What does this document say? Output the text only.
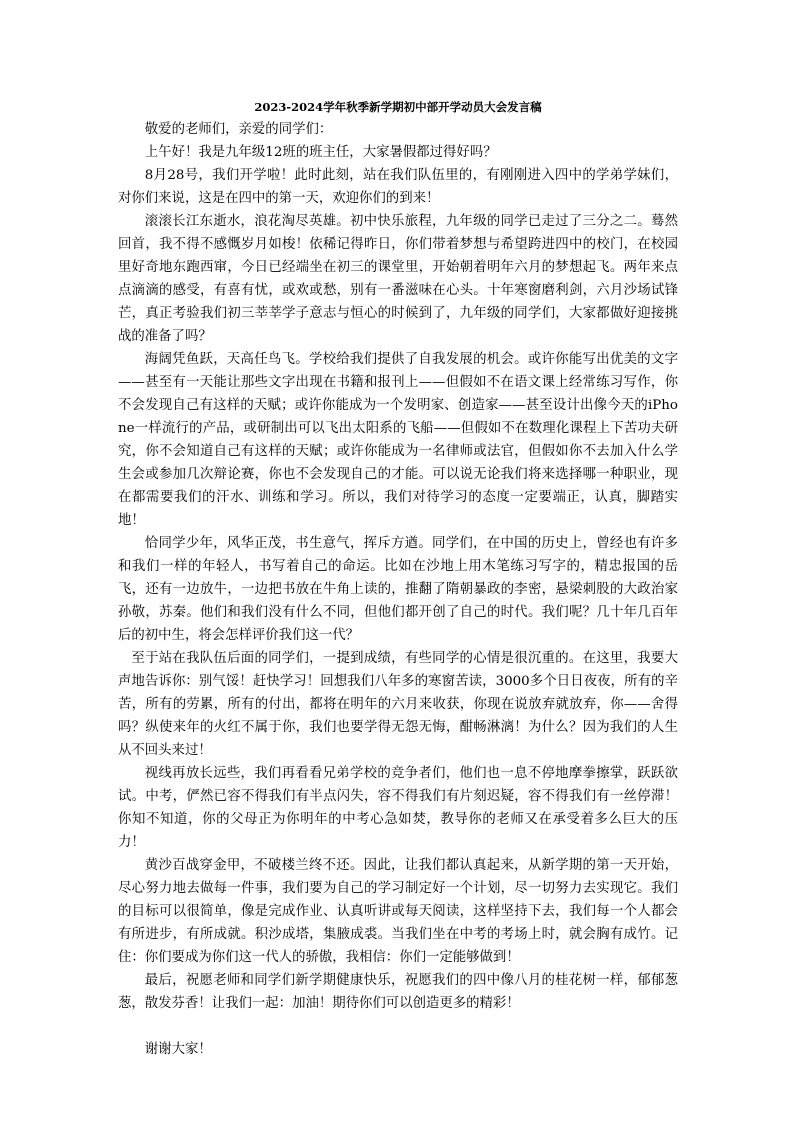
2023-2024学年秋季新学期初中部开学动员大会发言稿

敬爱的老师们，亲爱的同学们：

上午好！我是九年级12班的班主任，大家暑假都过得好吗？

8月28号，我们开学啦！此时此刻，站在我们队伍里的，有刚刚进入四中的学弟学妹们，对你们来说，这是在四中的第一天，欢迎你们的到来！

滚滚长江东逝水，浪花淘尽英雄。初中快乐旅程，九年级的同学已走过了三分之二。蓦然回首，我不得不感慨岁月如梭！依稀记得昨日，你们带着梦想与希望跨进四中的校门，在校园里好奇地东跑西窜，今日已经端坐在初三的课堂里，开始朝着明年六月的梦想起飞。两年来点点滴滴的感受，有喜有忧，或欢或愁，别有一番滋味在心头。十年寒窗磨利剑，六月沙场试锋芒，真正考验我们初三莘莘学子意志与恒心的时候到了，九年级的同学们，大家都做好迎接挑战的准备了吗？

海阔凭鱼跃，天高任鸟飞。学校给我们提供了自我发展的机会。或许你能写出优美的文字——甚至有一天能让那些文字出现在书籍和报刊上——但假如不在语文课上经常练习写作，你不会发现自己有这样的天赋；或许你能成为一个发明家、创造家——甚至设计出像今天的iPhone一样流行的产品，或研制出可以飞出太阳系的飞船——但假如不在数理化课程上下苦功夫研究，你不会知道自己有这样的天赋；或许你能成为一名律师或法官，但假如你不去加入什么学生会或参加几次辩论赛，你也不会发现自己的才能。可以说无论我们将来选择哪一种职业，现在都需要我们的汗水、训练和学习。所以，我们对待学习的态度一定要端正，认真，脚踏实地！

恰同学少年，风华正茂，书生意气，挥斥方遒。同学们，在中国的历史上，曾经也有许多和我们一样的年轻人，书写着自己的命运。比如在沙地上用木笔练习写字的，精忠报国的岳飞，还有一边放牛，一边把书放在牛角上读的，推翻了隋朝暴政的李密，悬梁刺股的大政治家孙敬，苏秦。他们和我们没有什么不同，但他们都开创了自己的时代。我们呢？几十年几百年后的初中生，将会怎样评价我们这一代？

至于站在我队伍后面的同学们，一提到成绩，有些同学的心情是很沉重的。在这里，我要大声地告诉你：别气馁！赶快学习！回想我们八年多的寒窗苦读，3000多个日日夜夜，所有的辛苦，所有的劳累，所有的付出，都将在明年的六月来收获，你现在说放弃就放弃，你——舍得吗？纵使来年的火红不属于你，我们也要学得无怨无悔，酣畅淋漓！为什么？因为我们的人生从不回头来过！

视线再放长远些，我们再看看兄弟学校的竞争者们，他们也一息不停地摩拳擦掌，跃跃欲试。中考，俨然已容不得我们有半点闪失，容不得我们有片刻迟疑，容不得我们有一丝停滞！你知不知道，你的父母正为你明年的中考心急如焚，教导你的老师又在承受着多么巨大的压力！

黄沙百战穿金甲，不破楼兰终不还。因此，让我们都认真起来，从新学期的第一天开始，尽心努力地去做每一件事，我们要为自己的学习制定好一个计划，尽一切努力去实现它。我们的目标可以很简单，像是完成作业、认真听讲或每天阅读，这样坚持下去，我们每一个人都会有所进步，有所成就。积沙成塔，集腋成裘。当我们坐在中考的考场上时，就会胸有成竹。记住：你们要成为你们这一代人的骄傲，我相信：你们一定能够做到！

最后，祝愿老师和同学们新学期健康快乐，祝愿我们的四中像八月的桂花树一样，郁郁葱葱，散发芬香！让我们一起：加油！期待你们可以创造更多的精彩！

谢谢大家！
